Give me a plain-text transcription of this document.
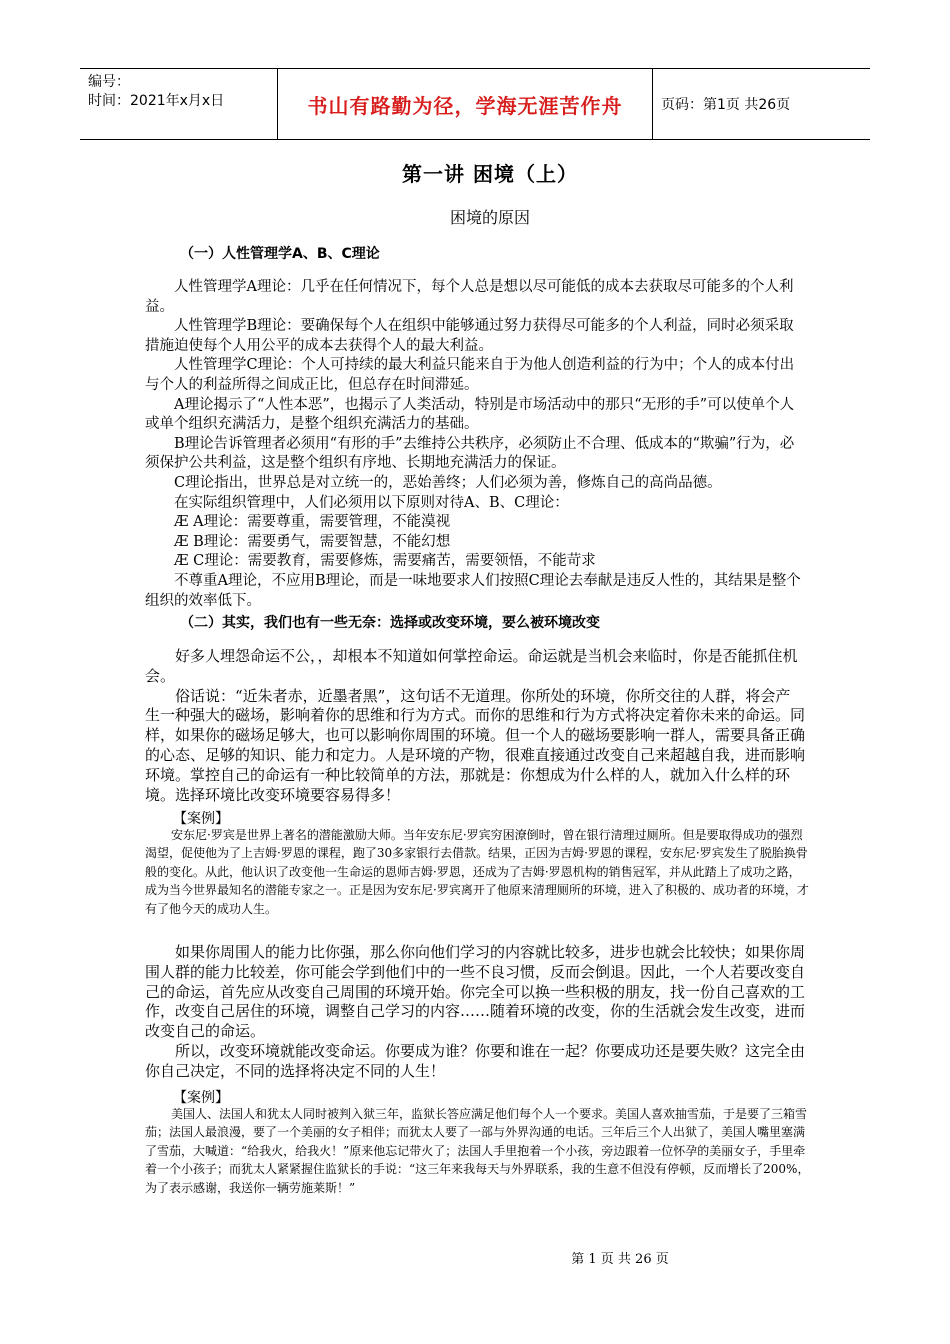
编号：
时间：2021年x月x日	书山有路勤为径，学海无涯苦作舟	页码：第1页 共26页
第一讲 困境（上）
困境的原因
（一）人性管理学A、B、C理论

人性管理学A理论：几乎在任何情况下，每个人总是想以尽可能低的成本去获取尽可能多的个人利益。

人性管理学B理论：要确保每个人在组织中能够通过努力获得尽可能多的个人利益，同时必须采取措施迫使每个人用公平的成本去获得个人的最大利益。

人性管理学C理论：个人可持续的最大利益只能来自于为他人创造利益的行为中；个人的成本付出与个人的利益所得之间成正比，但总存在时间滞延。

A理论揭示了“人性本恶”，也揭示了人类活动，特别是市场活动中的那只“无形的手”可以使单个人或单个组织充满活力，是整个组织充满活力的基础。

B理论告诉管理者必须用“有形的手”去维持公共秩序，必须防止不合理、低成本的“欺骗”行为，必须保护公共利益，这是整个组织有序地、长期地充满活力的保证。

C理论指出，世界总是对立统一的，恶始善终；人们必须为善，修炼自己的高尚品德。

在实际组织管理中，人们必须用以下原则对待A、B、C理论：

Æ A理论：需要尊重，需要管理，不能漠视

Æ B理论：需要勇气，需要智慧，不能幻想

Æ C理论：需要教育，需要修炼，需要痛苦，需要领悟，不能苛求

不尊重A理论，不应用B理论，而是一味地要求人们按照C理论去奉献是违反人性的，其结果是整个组织的效率低下。

（二）其实，我们也有一些无奈：选择或改变环境，要么被环境改变

好多人埋怨命运不公，，却根本不知道如何掌控命运。命运就是当机会来临时，你是否能抓住机会。

俗话说：“近朱者赤，近墨者黑”，这句话不无道理。你所处的环境，你所交往的人群，将会产生一种强大的磁场，影响着你的思维和行为方式。而你的思维和行为方式将决定着你未来的命运。同样，如果你的磁场足够大，也可以影响你周围的环境。但一个人的磁场要影响一群人，需要具备正确的心态、足够的知识、能力和定力。人是环境的产物，很难直接通过改变自己来超越自我，进而影响环境。掌控自己的命运有一种比较简单的方法，那就是：你想成为什么样的人，就加入什么样的环境。选择环境比改变环境要容易得多！

【案例】

安东尼·罗宾是世界上著名的潜能激励大师。当年安东尼·罗宾穷困潦倒时，曾在银行清理过厕所。但是要取得成功的强烈渴望，促使他为了上吉姆·罗恩的课程，跑了30多家银行去借款。结果，正因为吉姆·罗恩的课程，安东尼·罗宾发生了脱胎换骨般的变化。从此，他认识了改变他一生命运的恩师吉姆·罗恩，还成为了吉姆·罗恩机构的销售冠军，并从此踏上了成功之路，成为当今世界最知名的潜能专家之一。正是因为安东尼·罗宾离开了他原来清理厕所的环境，进入了积极的、成功者的环境，才有了他今天的成功人生。

如果你周围人的能力比你强，那么你向他们学习的内容就比较多，进步也就会比较快；如果你周围人群的能力比较差，你可能会学到他们中的一些不良习惯，反而会倒退。因此，一个人若要改变自己的命运，首先应从改变自己周围的环境开始。你完全可以换一些积极的朋友，找一份自己喜欢的工作，改变自己居住的环境，调整自己学习的内容……随着环境的改变，你的生活就会发生改变，进而改变自己的命运。

所以，改变环境就能改变命运。你要成为谁？你要和谁在一起？你要成功还是要失败？这完全由你自己决定，不同的选择将决定不同的人生！

【案例】

美国人、法国人和犹太人同时被判入狱三年，监狱长答应满足他们每个人一个要求。美国人喜欢抽雪茄，于是要了三箱雪茄；法国人最浪漫，要了一个美丽的女子相伴；而犹太人要了一部与外界沟通的电话。三年后三个人出狱了，美国人嘴里塞满了雪茄，大喊道：“给我火，给我火！”原来他忘记带火了；法国人手里抱着一个小孩，旁边跟着一位怀孕的美丽女子，手里牵着一个小孩子；而犹太人紧紧握住监狱长的手说：“这三年来我每天与外界联系，我的生意不但没有停顿，反而增长了200%，为了表示感谢，我送你一辆劳施莱斯！”

第 1 页 共 26 页
